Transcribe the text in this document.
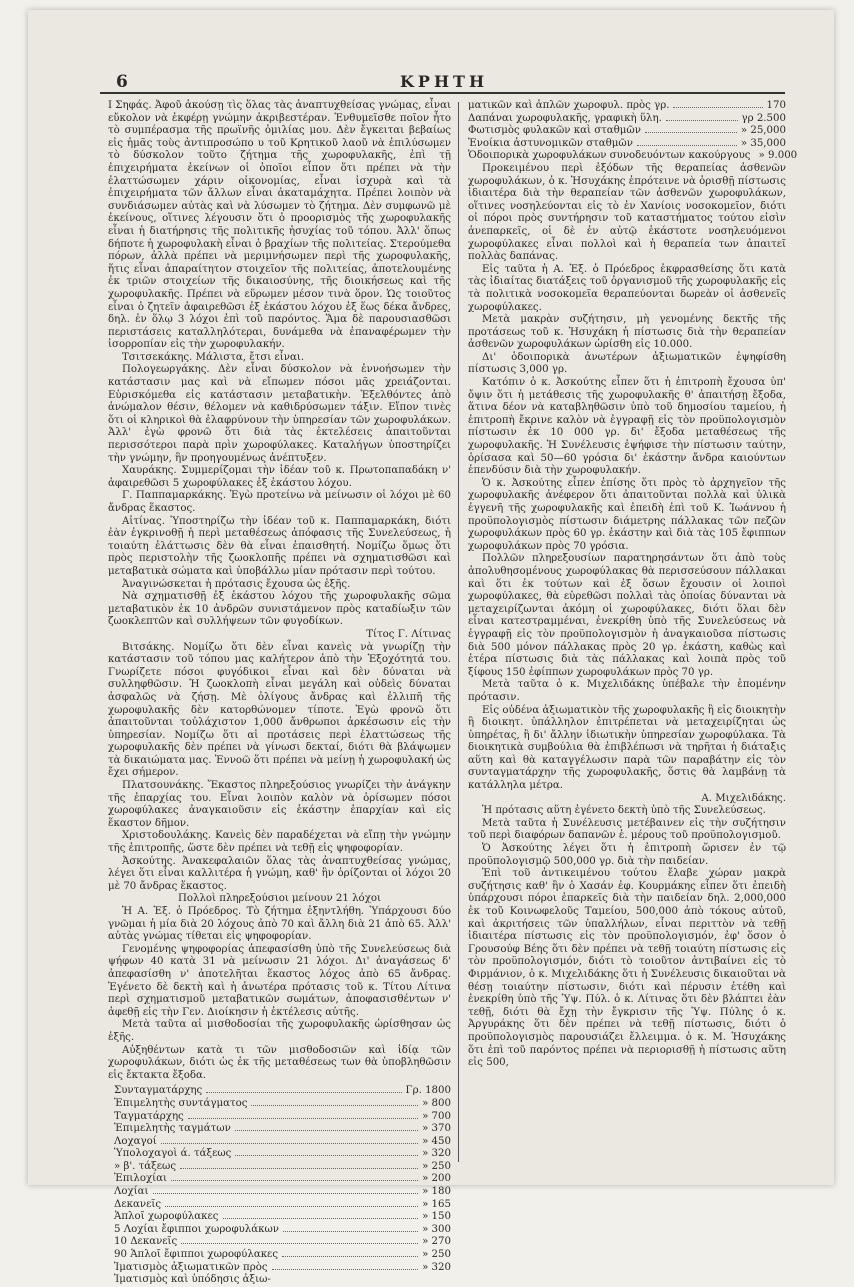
6	ΚΡΗΤΗ

Ι Σηφάς. Ἀφοῦ ἀκούσῃ τὶς ὅλας τὰς ἀναπτυχθείσας γνώμας, εἶναι εὔκολον νὰ ἐκφέρῃ γνώμην ἀκριβεστέραν. Ἐνθυμεῖσθε ποῖον ἦτο τὸ συμπέρασμα τῆς πρωϊνῆς ὁμιλίας μου. Δὲν ἔγκειται βεβαίως εἰς ἡμᾶς τοὺς ἀντιπροσώπο υ τοῦ Κρητικοῦ λαοῦ νὰ ἐπιλύσωμεν τὸ δύσκολον τοῦτο ζήτημα τῆς χωροφυλακῆς, ἐπὶ τῇ ἐπιχειρήματα ἐκείνων οἱ ὁποῖοι εἶπον ὅτι πρέπει νὰ τὴν ἐλαττώσωμεν χάριν οἰκονομίας, εἶναι ἰσχυρὰ καὶ τὰ ἐπιχειρήματα τῶν ἄλλων εἶναι ἀκαταμάχητα. Πρέπει λοιπὸν νὰ συνδιάσωμεν αὐτὰς καὶ νὰ λύσωμεν τὸ ζήτημα. Δὲν συμφωνῶ μὲ ἐκείνους, οἵτινες λέγουσιν ὅτι ὁ προορισμὸς τῆς χωροφυλακῆς εἶναι ἡ διατήρησις τῆς πολιτικῆς ἡσυχίας τοῦ τόπου. Ἀλλ' ὅπως δήποτε ἡ χωροφυλακὴ εἶναι ὁ βραχίων τῆς πολιτείας. Στερούμεθα πόρων, ἀλλὰ πρέπει νὰ μεριμνήσωμεν περὶ τῆς χωροφυλακῆς, ἥτις εἶναι ἀπαραίτητον στοιχεῖον τῆς πολιτείας, ἀποτελουμένης ἐκ τριῶν στοιχείων τῆς δικαιοσύνης, τῆς διοικήσεως καὶ τῆς χωροφυλακῆς. Πρέπει νὰ εὕρωμεν μέσον τινὰ ὅρον. Ὡς τοιοῦτος εἶναι ὁ ζητεῖν ἀφαιρεθῶσι ἐξ ἑκάστου λόχου ἐξ ἕως δέκα ἄνδρες, δηλ. ἐν ὅλῳ 3 λόχοι ἐπὶ τοῦ παρόντος. Ἅμα δὲ παρουσιασθῶσι περιστάσεις καταλληλότεραι, δυνάμεθα νὰ ἐπαναφέρωμεν τὴν ἰσορροπίαν εἰς τὴν χωροφυλακήν.

Τσιτσεκάκης. Μάλιστα, ἔτσι εἶναι.

Πολογεωργάκης. Δὲν εἶναι δύσκολον νὰ ἐννοήσωμεν τὴν κατάστασιν μας καὶ νὰ εἴπωμεν πόσοι μᾶς χρειάζονται. Εὑρισκόμεθα εἰς κατάστασιν μεταβατικὴν. Ἐξελθόντες ἀπὸ ἀνώμαλον θέσιν, θέλομεν νὰ καθιδρύσωμεν τάξιν. Εἴπον τινὲς ὅτι οἱ κληρικοὶ θὰ ἐλαφρύνουν τὴν ὑπηρεσίαν τῶν χωροφυλάκων. Ἀλλ' ἐγὼ φρονῶ ὅτι διὰ τὰς ἐκτελέσεις ἀπαιτοῦνται περισσότεροι παρὰ πρὶν χωροφύλακες. Καταλήγων ὑποστηρίζει τὴν γνώμην, ἣν προηγουμένως ἀνέπτυξεν.

Χαυράκης. Συμμερίζομαι τὴν ἰδέαν τοῦ κ. Πρωτοπαπαδάκη ν' ἀφαιρεθῶσι 5 χωροφύλακες ἐξ ἑκάστου λόχου.

Γ. Παππαμαρκάκης. Ἐγὼ προτείνω νὰ μείνωσιν οἱ λόχοι μὲ 60 ἄνδρας ἕκαστος.

Αἰτίνας. Ὑποστηρίζω τὴν ἰδέαν τοῦ κ. Παππαμαρκάκη, διότι ἐὰν ἐγκρινοθῇ ἡ περὶ μεταθέσεως ἀπόφασις τῆς Συνελεύσεως, ἡ τοιαύτη ἐλάττωσις δὲν θὰ εἶναι ἐπαισθητή. Νομίζω ὅμως ὅτι πρὸς περιστολὴν τῆς ζωοκλοπῆς πρέπει νὰ σχηματισθῶσι καὶ μεταβατικὰ σώματα καὶ ὑποβάλλω μίαν πρότασιν περὶ τούτου.

Ἀναγινώσκεται ἡ πρότασις ἔχουσα ὡς ἑξῆς.

Νὰ σχηματισθῇ ἐξ ἑκάστου λόχου τῆς χωροφυλακῆς σῶμα μεταβατικὸν ἐκ 10 ἀνδρῶν συνιστάμενον πρὸς καταδίωξιν τῶν ζωοκλεπτῶν καὶ συλλήψεων τῶν φυγοδίκων.

Τίτος Γ. Λίτινας

Βιτσάκης. Νομίζω ὅτι δὲν εἶναι κανεὶς νὰ γνωρίζῃ τὴν κατάστασιν τοῦ τόπου μας καλήτερον ἀπὸ τὴν Ἐξοχότητά του. Γνωρίζετε πόσοι φυγόδικοι εἶναι καὶ δὲν δύναται νὰ συλληφθῶσιν. Ἡ ζωοκλοπὴ εἶναι μεγάλη καὶ οὐδεὶς δύναται ἀσφαλῶς νὰ ζήσῃ. Μὲ ὀλίγους ἄνδρας καὶ ἐλλιπῆ τῆς χωροφυλακῆς δὲν κατορθώνομεν τίποτε. Ἐγὼ φρονῶ ὅτι ἀπαιτοῦνται τοὐλάχιστον 1,000 ἄνθρωποι ἀρκέσωσιν εἰς τὴν ὑπηρεσίαν. Νομίζω ὅτι αἱ προτάσεις περὶ ἐλαττώσεως τῆς χωροφυλακῆς δὲν πρέπει νὰ γίνωσι δεκταί, διότι θὰ βλάψωμεν τὰ δικαιώματα μας. Ἐννοῶ ὅτι πρέπει νὰ μείνῃ ἡ χωροφυλακή ὡς ἔχει σήμερον.

Πλατσουνάκης. Ἕκαστος πληρεξούσιος γνωρίζει τὴν ἀνάγκην τῆς ἐπαρχίας του. Εἶναι λοιπὸν καλὸν νὰ ὁρίσωμεν πόσοι χωροφύλακες ἀναγκαιοῦσιν εἰς ἑκάστην ἐπαρχίαν καὶ εἰς ἕκαστον δῆμον.

Χριστοδουλάκης. Κανεὶς δὲν παραδέχεται νὰ εἴπῃ τὴν γνώμην τῆς ἐπιτροπῆς, ὥστε δὲν πρέπει νὰ τεθῇ εἰς ψηφοφορίαν.

Ἀσκούτης. Ἀνακεφαλαιῶν ὅλας τὰς ἀναπτυχθείσας γνώμας, λέγει ὅτι εἶναι καλλιτέρα ἡ γνώμη, καθ' ἣν ὁρίζονται οἱ λόχοι 20 μὲ 70 ἄνδρας ἕκαστος.

Πολλοὶ πληρεξούσιοι μείνουν 21 λόχοι

Ἡ Α. Ἐξ. ὁ Πρόεδρος. Τὸ ζήτημα ἐξηντλήθη. Ὑπάρχουσι δύο γνῶμαι ἡ μία διὰ 20 λόχους ἀπὸ 70 καὶ ἄλλη διὰ 21 ἀπὸ 65. Ἀλλ' αὐτὰς γνώμας τίθεται εἰς ψηφοφορίαν.

Γενομένης ψηφοφορίας ἀπεφασίσθη ὑπὸ τῆς Συνελεύσεως διὰ ψήφων 40 κατὰ 31 νὰ μείνωσιν 21 λόχοι. Δι' ἀναγάσεως δ' ἀπεφασίσθη ν' ἀποτελῆται ἕκαστος λόχος ἀπὸ 65 ἄνδρας. Ἐγένετο δὲ δεκτὴ καὶ ἡ ἀνωτέρα πρότασις τοῦ κ. Τίτου Λίτινα περὶ σχηματισμοῦ μεταβατικῶν σωμάτων, ἀποφασισθέντων ν' ἀφεθῇ εἰς τὴν Γεν. Διοίκησιν ἡ ἐκτέλεσις αὐτῆς.

Μετὰ ταῦτα αἱ μισθοδοσίαι τῆς χωροφυλακῆς ὡρίσθησαν ὡς ἑξῆς.

Αὐξηθέντων κατὰ τι τῶν μισθοδοσιῶν καὶ ἰδίᾳ τῶν χωροφυλάκων, διότι ὡς ἐκ τῆς μεταθέσεως των θὰ ὑποβληθῶσιν εἰς ἔκτακτα ἔξοδα.

Συνταγματάρχης	Γρ. 1800
Ἐπιμελητὴς συντάγματος	» 800
Ταγματάρχης	» 700
Ἐπιμελητὴς ταγμάτων	» 370
Λοχαγοί	» 450
Ὑπολοχαγοὶ ά. τάξεως	» 320
» β'. τάξεως	» 250
Ἐπιλοχίαι	» 200
Λοχίαι	» 180
Δεκανεῖς	» 165
Ἁπλοῖ χωροφύλακες	» 150
5 Λοχίαι ἔφιπποι χωροφυλάκων	» 300
10 Δεκανεῖς	» 270
90 Ἁπλοῖ ἔφιπποι χωροφύλακες	» 250
Ἱματισμὸς ἀξιωματικῶν πρὸς	» 320
Ἱματισμὸς καὶ ὑπόδησις ἀξιω-
ματικῶν καὶ ἁπλῶν χωροφυλ. πρὸς γρ.	170
Δαπάναι χωροφυλακῆς, γραφικὴ ὕλη.	γρ 2.500
Φωτισμὸς φυλακῶν καὶ σταθμῶν	» 25,000
Ἐνοίκια ἀστυνομικῶν σταθμῶν	» 35,000
Ὁδοιπορικὰ χωροφυλάκων συνοδευόντων κακούργους » 9.000

Προκειμένου περὶ ἐξόδων τῆς θεραπείας ἀσθενῶν χωροφυλάκων, ὁ κ. Ἡσυχάκης ἐπρότεινε νὰ ὁρισθῇ πίστωσις ἰδιαιτέρα διὰ τὴν θεραπείαν τῶν ἀσθενῶν χωροφυλάκων, οἵτινες νοσηλεύονται εἰς τὸ ἐν Χανίοις νοσοκομεῖον, διότι οἱ πόροι πρὸς συντήρησιν τοῦ καταστήματος τούτου εἰσὶν ἀνεπαρκεῖς, οἱ δὲ ἐν αὐτῷ ἑκάστοτε νοσηλευόμενοι χωροφύλακες εἶναι πολλοὶ καὶ ἡ θεραπεία των ἀπαιτεῖ πολλὰς δαπάνας.

Εἰς ταῦτα ἡ Α. Ἐξ. ὁ Πρόεδρος ἐκφρασθείσης ὅτι κατὰ τὰς ἰδιαίτας διατάξεις τοῦ ὀργανισμοῦ τῆς χωροφυλακῆς εἰς τὰ πολιτικὰ νοσοκομεῖα θεραπεύονται δωρεὰν οἱ ἀσθενεῖς χωροφύλακες.

Μετὰ μακρὰν συζήτησιν, μὴ γενομένης δεκτῆς τῆς προτάσεως τοῦ κ. Ἡσυχάκη ἡ πίστωσις διὰ τὴν θεραπείαν ἀσθενῶν χωροφυλάκων ὡρίσθη εἰς 10.000.

Δι' ὁδοιπορικὰ ἀνωτέρων ἀξιωματικῶν ἐψηφίσθη πίστωσις 3,000 γρ.

Κατόπιν ὁ κ. Ἀσκούτης εἶπεν ὅτι ἡ ἐπιτροπὴ ἔχουσα ὑπ' ὄψιν ὅτι ἡ μετάθεσις τῆς χωροφυλακῆς θ' ἀπαιτήσῃ ἔξοδα, ἅτινα δέον νὰ καταβληθῶσιν ὑπὸ τοῦ δημοσίου ταμείου, ἡ ἐπιτροπὴ ἔκρινε καλὸν νὰ ἐγγραφῇ εἰς τὸν προϋπολογισμὸν πίστωσιν ἐκ 10 000 γρ. δι' ἔξοδα μεταθέσεως τῆς χωροφυλακῆς. Ἡ Συνέλευσις ἐψήφισε τὴν πίστωσιν ταύτην, ὁρίσασα καὶ 50—60 γρόσια δι' ἑκάστην ἄνδρα καιούντων ἐπενδύσιν διὰ τὴν χωροφυλακήν.

Ὁ κ. Ἀσκούτης εἶπεν ἐπίσης ὅτι πρὸς τὸ ἀρχηγεῖον τῆς χωροφυλακῆς ἀνέφερον ὅτι ἀπαιτοῦνται πολλὰ καὶ ὑλικὰ ἐγγενῆ τῆς χωροφυλακῆς καὶ ἐπειδὴ ἐπὶ τοῦ Κ. Ἰωάννου ἡ προϋπολογισμὸς πίστωσιν διάμετρης πάλλακας τῶν πεζῶν χωροφυλάκων πρὸς 60 γρ. ἑκάστην καὶ διὰ τὰς 105 ἔφιππων χωροφυλάκων πρὸς 70 γρόσια.

Πολλῶν πληρεξουσίων παρατηρησάντων ὅτι ἀπὸ τοὺς ἀπολυθησομένους χωροφύλακας θὰ περισσεύσουν πάλλακαι καὶ ὅτι ἐκ τούτων καὶ ἐξ ὅσων ἔχουσιν οἱ λοιποὶ χωροφύλακες, θὰ εὑρεθῶσι πολλαὶ τὰς ὁποίας δύνανται νὰ μεταχειρίζωνται ἀκόμη οἱ χωροφύλακες, διότι ὅλαι δὲν εἶναι κατεστραμμέναι, ἐνεκρίθη ὑπὸ τῆς Συνελεύσεως νὰ ἐγγραφῇ εἰς τὸν προϋπολογισμὸν ἡ ἀναγκαιοῦσα πίστωσις διὰ 500 μόνον πάλλακας πρὸς 20 γρ. ἑκάστη, καθὼς καὶ ἑτέρα πίστωσις διὰ τὰς πάλλακας καὶ λοιπὰ πρὸς τοῦ ξίφους 150 ἐφίππων χωροφυλάκων πρὸς 70 γρ.

Μετὰ ταῦτα ὁ κ. Μιχελιδάκης ὑπέβαλε τὴν ἑπομένην πρότασιν.

Εἰς οὐδένα ἀξιωματικὸν τῆς χωροφυλακῆς ἢ εἰς διοικητὴν ἢ διοικητ. ὑπάλληλον ἐπιτρέπεται νὰ μεταχειρίζηται ὡς ὑπηρέτας, ἢ δι' ἄλλην ἰδιωτικὴν ὑπηρεσίαν χωροφύλακα. Τὰ διοικητικὰ συμβούλια θὰ ἐπιβλέπωσι νὰ τηρῆται ἡ διάταξις αὕτη καὶ θὰ καταγγέλωσιν παρὰ τῶν παραβάτην εἰς τὸν συνταγματάρχην τῆς χωροφυλακῆς, ὅστις θὰ λαμβάνῃ τὰ κατάλληλα μέτρα.

Α. Μιχελιδάκης.

Ἡ πρότασις αὕτη ἐγένετο δεκτὴ ὑπὸ τῆς Συνελεύσεως.

Μετὰ ταῦτα ἡ Συνέλευσις μετέβαινεν εἰς τὴν συζήτησιν τοῦ περὶ διαφόρων δαπανῶν ἑ. μέρους τοῦ προϋπολογισμοῦ.

Ὁ Ἀσκούτης λέγει ὅτι ἡ ἐπιτροπὴ ὥρισεν ἐν τῷ προϋπολογισμῷ 500,000 γρ. διὰ τὴν παιδείαν.

Ἐπὶ τοῦ ἀντικειμένου τούτου ἔλαβε χώραν μακρὰ συζήτησις καθ' ἣν ὁ Χασάν ἐφ. Κουρμάκης εἶπεν ὅτι ἐπειδὴ ὑπάρχουσι πόροι ἐπαρκεῖς διὰ τὴν παιδείαν δηλ. 2,000,000 ἐκ τοῦ Κοινωφελοῦς Ταμείου, 500,000 ἀπὸ τόκους αὐτοῦ, καὶ ἀκριτήσεις τῶν ὑπαλλήλων, εἶναι περιττὸν νὰ τεθῇ ἰδιαιτέρα πίστωσις εἰς τὸν προϋπολογισμόν, ἐφ' ὅσον ὁ Γρουσούφ Βέης ὅτι δὲν πρέπει νὰ τεθῇ τοιαύτη πίστωσις εἰς τὸν προϋπολογισμόν, διότι τὸ τοιοῦτον ἀντιβαίνει εἰς τὸ Φιρμάνιον, ὁ κ. Μιχελιδάκης ὅτι ἡ Συνέλευσις δικαιοῦται νὰ θέσῃ τοιαύτην πίστωσιν, διότι καὶ πέρυσιν ἐτέθη καὶ ἐνεκρίθη ὑπὸ τῆς Ὑψ. Πύλ. ὁ κ. Λίτινας ὅτι δὲν βλάπτει ἐὰν τεθῇ, διότι θὰ ἔχῃ τὴν ἔγκρισιν τῆς Ὑψ. Πύλης ὁ κ. Ἀργυράκης ὅτι δὲν πρέπει νὰ τεθῇ πίστωσις, διότι ὁ προϋπολογισμὸς παρουσιάζει ἔλλειμμα. ὁ κ. Μ. Ἡσυχάκης ὅτι ἐπὶ τοῦ παρόντος πρέπει νὰ περιορισθῇ ἡ πίστωσις αὕτη εἰς 500,
